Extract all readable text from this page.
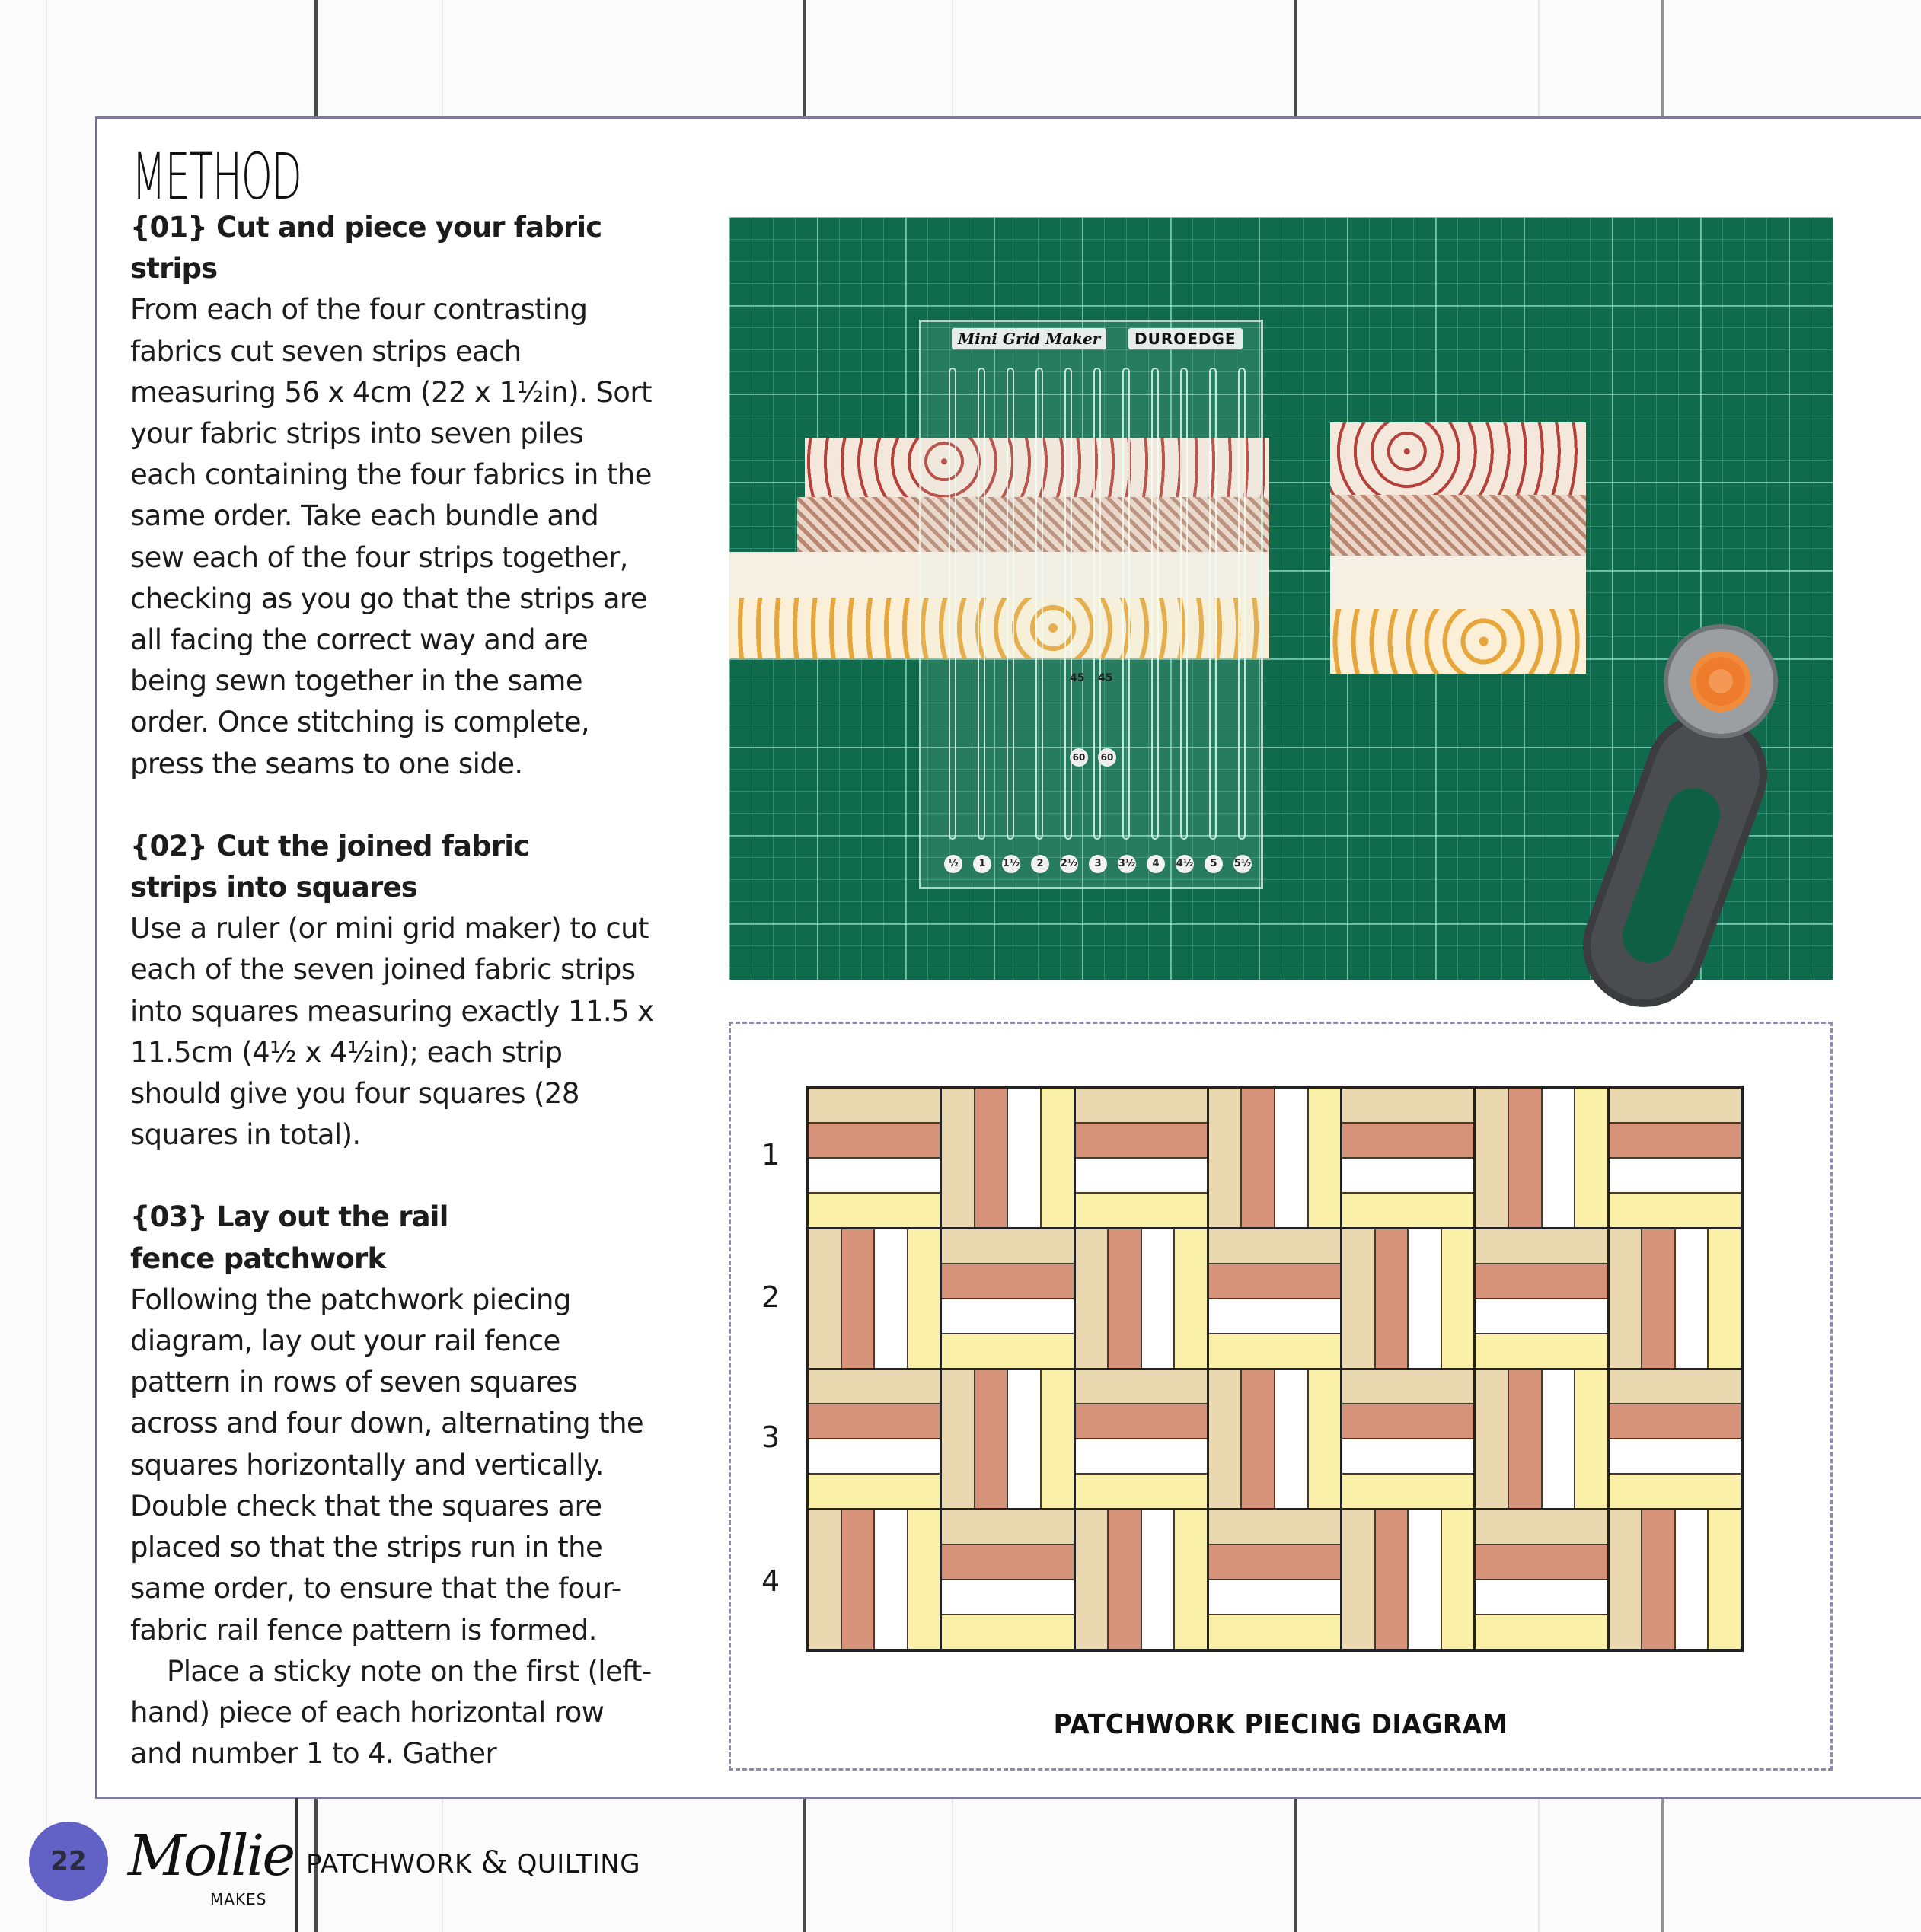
METHOD
{01} Cut and piece your fabric strips

From each of the four contrasting fabrics cut seven strips each measuring 56 x 4cm (22 x 1½in). Sort your fabric strips into seven piles each containing the four fabrics in the same order. Take each bundle and sew each of the four strips together, checking as you go that the strips are all facing the correct way and are being sewn together in the same order. Once stitching is complete, press the seams to one side.

{02} Cut the joined fabric strips into squares

Use a ruler (or mini grid maker) to cut each of the seven joined fabric strips into squares measuring exactly 11.5 x 11.5cm (4½ x 4½in); each strip should give you four squares (28 squares in total).

{03} Lay out the rail fence patchwork

Following the patchwork piecing diagram, lay out your rail fence pattern in rows of seven squares across and four down, alternating the squares horizontally and vertically. Double check that the squares are placed so that the strips run in the same order, to ensure that the four-fabric rail fence pattern is formed.

Place a sticky note on the first (left-hand) piece of each horizontal row and number 1 to 4. Gather

Mini Grid Maker	DUROEDGE
45 45
60	60
½	1	1½	2	2½	3	3½	4	4½	5	5½
1
2
3
4
PATCHWORK PIECING DIAGRAM
22 Mollie
MAKES
PATCHWORK & QUILTING
